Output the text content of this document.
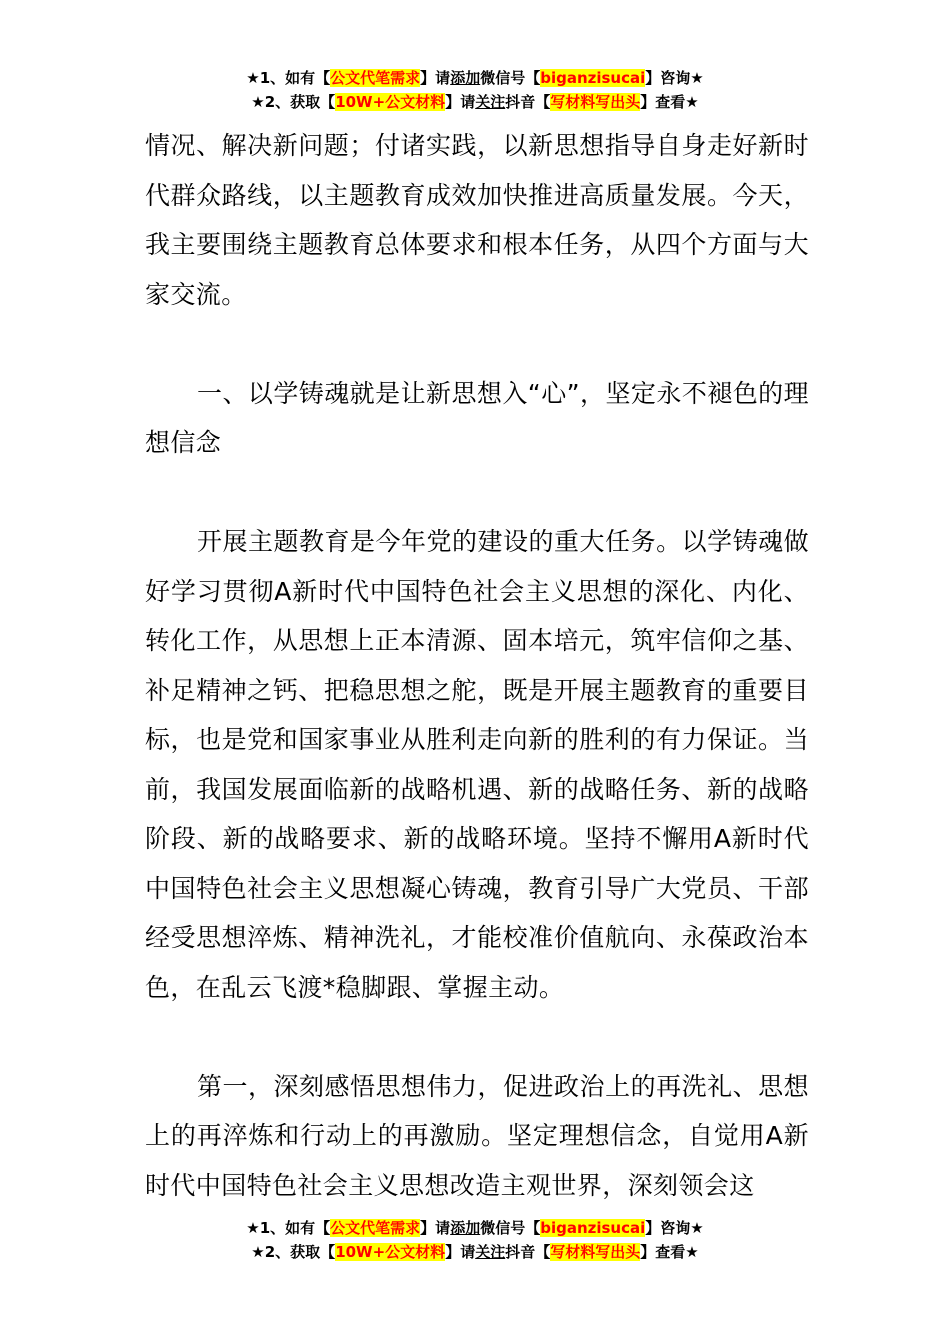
★1、如有【公文代笔需求】请添加微信号【biganzisucai】咨询★
★2、获取【10W+公文材料】请关注抖音【写材料写出头】查看★

情况、解决新问题；付诸实践，以新思想指导自身走好新时代群众路线，以主题教育成效加快推进高质量发展。今天，我主要围绕主题教育总体要求和根本任务，从四个方面与大家交流。

一、以学铸魂就是让新思想入“心”，坚定永不褪色的理想信念

开展主题教育是今年党的建设的重大任务。以学铸魂做好学习贯彻A新时代中国特色社会主义思想的深化、内化、转化工作，从思想上正本清源、固本培元，筑牢信仰之基、补足精神之钙、把稳思想之舵，既是开展主题教育的重要目标，也是党和国家事业从胜利走向新的胜利的有力保证。当前，我国发展面临新的战略机遇、新的战略任务、新的战略阶段、新的战略要求、新的战略环境。坚持不懈用A新时代中国特色社会主义思想凝心铸魂，教育引导广大党员、干部经受思想淬炼、精神洗礼，才能校准价值航向、永葆政治本色，在乱云飞渡*稳脚跟、掌握主动。

第一，深刻感悟思想伟力，促进政治上的再洗礼、思想上的再淬炼和行动上的再激励。坚定理想信念，自觉用A新时代中国特色社会主义思想改造主观世界，深刻领会这

★1、如有【公文代笔需求】请添加微信号【biganzisucai】咨询★
★2、获取【10W+公文材料】请关注抖音【写材料写出头】查看★
